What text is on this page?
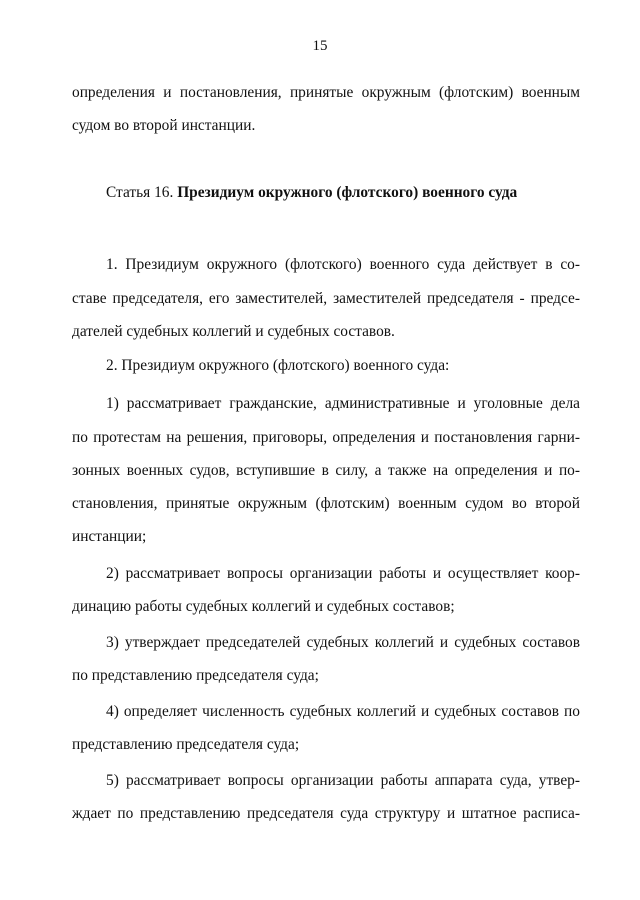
15
определения и постановления, принятые окружным (флотским) военным
судом во второй инстанции.
Статья 16. Президиум окружного (флотского) военного суда
1. Президиум окружного (флотского) военного суда действует в со-
ставе председателя, его заместителей, заместителей председателя - предсе-
дателей судебных коллегий и судебных составов.
2. Президиум окружного (флотского) военного суда:
1) рассматривает гражданские, административные и уголовные дела
по протестам на решения, приговоры, определения и постановления гарни-
зонных военных судов, вступившие в силу, а также на определения и по-
становления, принятые окружным (флотским) военным судом во второй
инстанции;
2) рассматривает вопросы организации работы и осуществляет коор-
динацию работы судебных коллегий и судебных составов;
3) утверждает председателей судебных коллегий и судебных составов
по представлению председателя суда;
4) определяет численность судебных коллегий и судебных составов по
представлению председателя суда;
5) рассматривает вопросы организации работы аппарата суда, утвер-
ждает по представлению председателя суда структуру и штатное расписа-
